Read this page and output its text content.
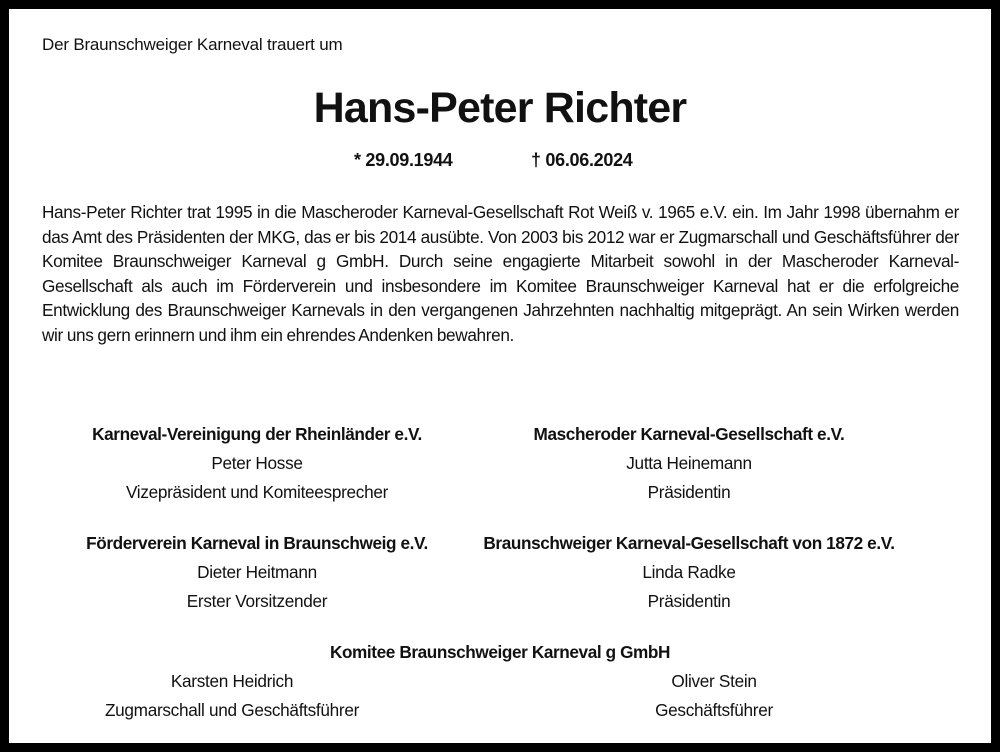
Der Braunschweiger Karneval trauert um
Hans-Peter Richter
* 29.09.1944	† 06.06.2024
Hans-Peter Richter trat 1995 in die Mascheroder Karneval-Gesellschaft Rot Weiß v. 1965 e.V. ein. Im Jahr 1998 übernahm er das Amt des Präsidenten der MKG, das er bis 2014 ausübte. Von 2003 bis 2012 war er Zugmarschall und Geschäftsführer der Komitee Braunschweiger Karneval g GmbH. Durch seine engagierte Mitarbeit sowohl in der Mascheroder Karneval-Gesellschaft als auch im Förderverein und insbesondere im Komitee Braunschweiger Karneval hat er die erfolgreiche Entwicklung des Braunschweiger Karnevals in den vergangenen Jahrzehnten nachhaltig mitgeprägt. An sein Wirken werden wir uns gern erinnern und ihm ein ehrendes Andenken bewahren.
Karneval-Vereinigung der Rheinländer e.V.
Peter Hosse
Vizepräsident und Komiteesprecher
Mascheroder Karneval-Gesellschaft e.V.
Jutta Heinemann
Präsidentin
Förderverein Karneval in Braunschweig e.V.
Dieter Heitmann
Erster Vorsitzender
Braunschweiger Karneval-Gesellschaft von 1872 e.V.
Linda Radke
Präsidentin
Komitee Braunschweiger Karneval g GmbH
Karsten Heidrich
Zugmarschall und Geschäftsführer
Oliver Stein
Geschäftsführer
